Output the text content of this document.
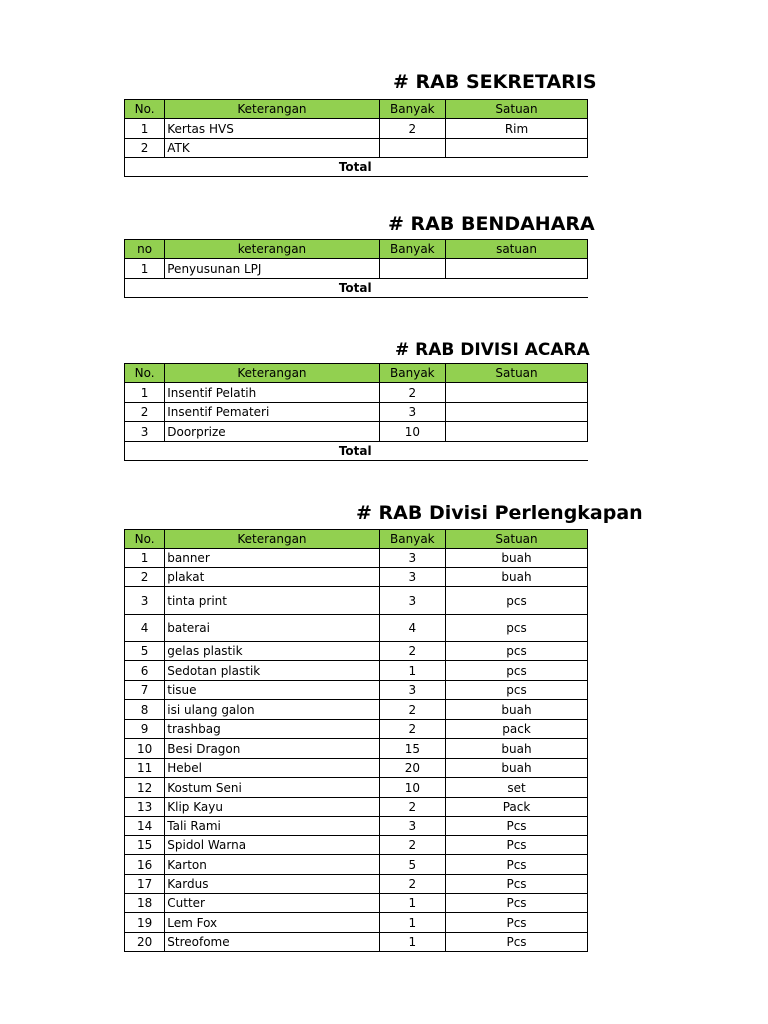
# RAB SEKRETARIS
No.	Keterangan	Banyak	Satuan
1	Kertas HVS	2	Rim
2	ATK		
Total			
# RAB BENDAHARA
no	keterangan	Banyak	satuan
1	Penyusunan LPJ		
Total			
# RAB DIVISI ACARA
No.	Keterangan	Banyak	Satuan
1	Insentif Pelatih	2	
2	Insentif Pemateri	3	
3	Doorprize	10	
Total			
# RAB Divisi Perlengkapan
No.	Keterangan	Banyak	Satuan
1	banner	3	buah
2	plakat	3	buah
3	tinta print	3	pcs
4	baterai	4	pcs
5	gelas plastik	2	pcs
6	Sedotan plastik	1	pcs
7	tisue	3	pcs
8	isi ulang galon	2	buah
9	trashbag	2	pack
10	Besi Dragon	15	buah
11	Hebel	20	buah
12	Kostum Seni	10	set
13	Klip Kayu	2	Pack
14	Tali Rami	3	Pcs
15	Spidol Warna	2	Pcs
16	Karton	5	Pcs
17	Kardus	2	Pcs
18	Cutter	1	Pcs
19	Lem Fox	1	Pcs
20	Streofome	1	Pcs
